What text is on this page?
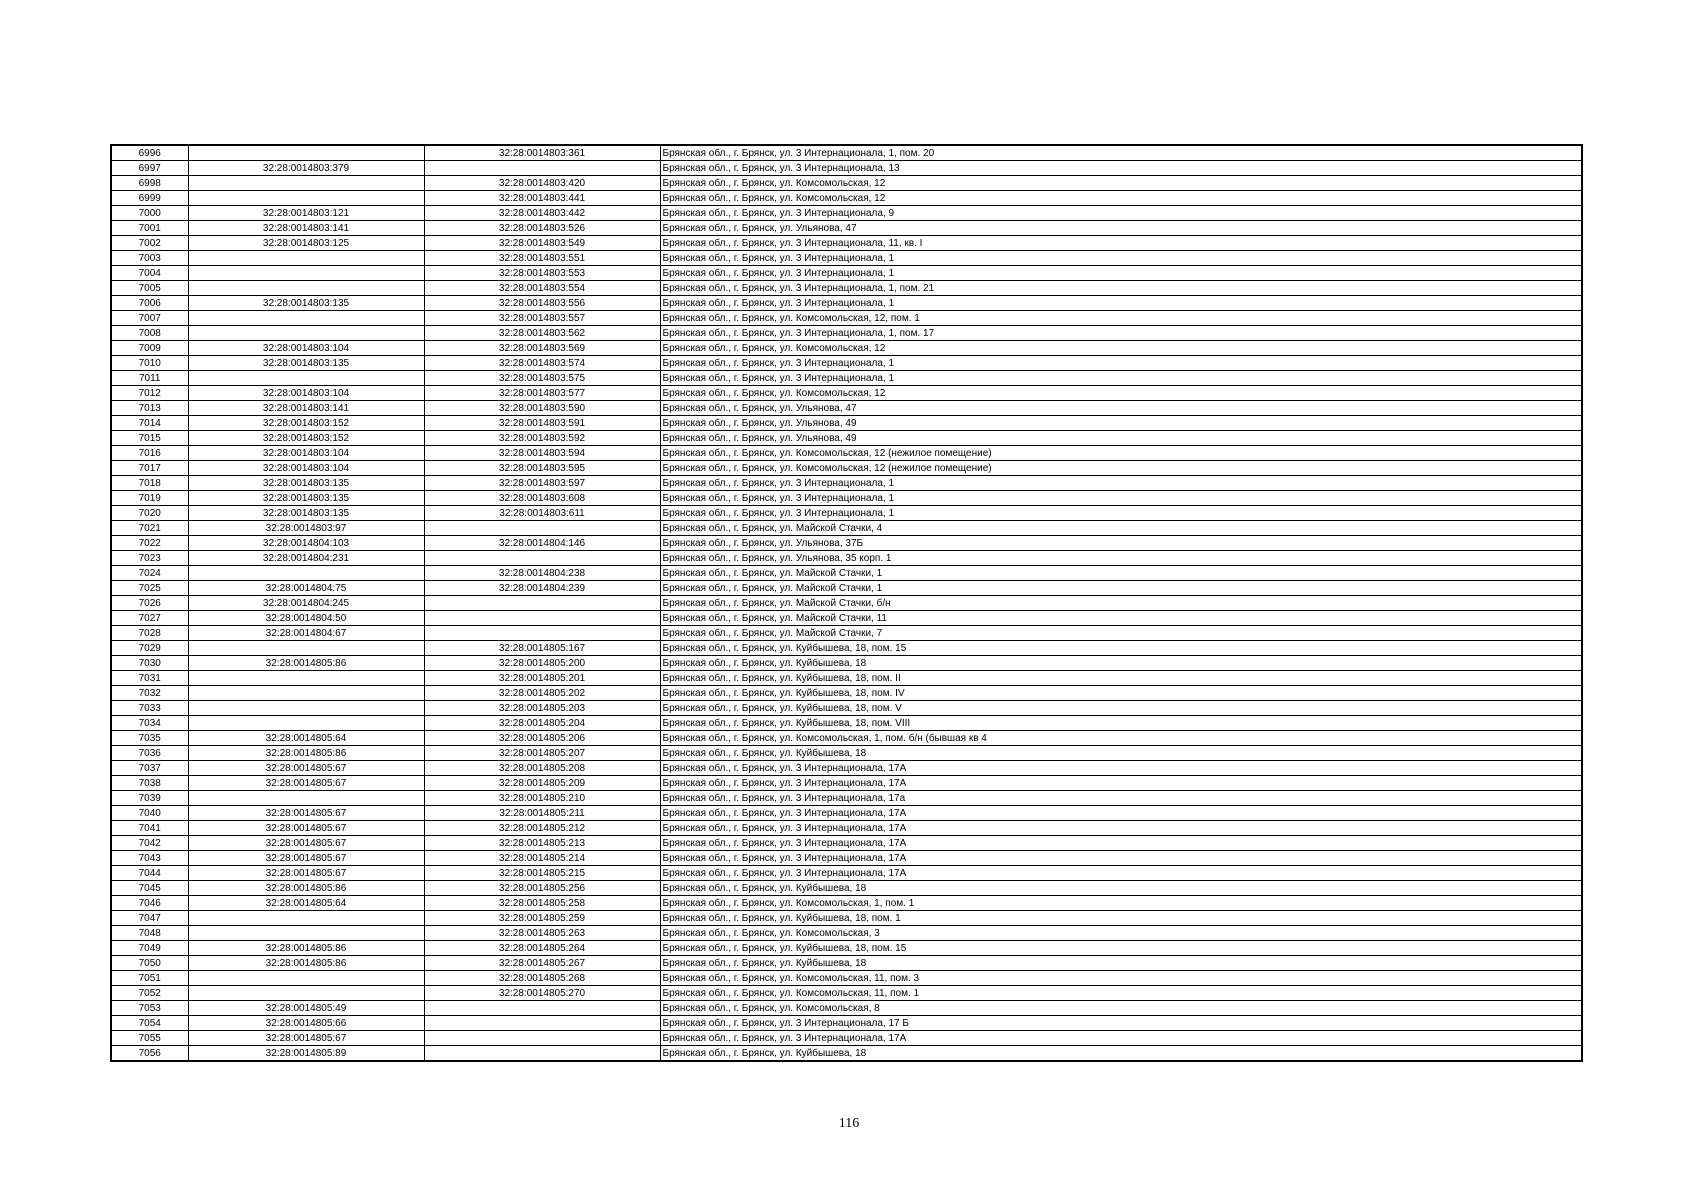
6996		32:28:0014803:361	Брянская обл., г. Брянск, ул. 3 Интернационала, 1, пом. 20
6997	32:28:0014803:379		Брянская обл., г. Брянск, ул. 3 Интернационала, 13
6998		32:28:0014803:420	Брянская обл., г. Брянск, ул. Комсомольская, 12
6999		32:28:0014803:441	Брянская обл., г. Брянск, ул. Комсомольская, 12
7000	32:28:0014803:121	32:28:0014803:442	Брянская обл., г. Брянск, ул. 3 Интернационала, 9
7001	32:28:0014803:141	32:28:0014803:526	Брянская обл., г. Брянск, ул. Ульянова, 47
7002	32:28:0014803:125	32:28:0014803:549	Брянская обл., г. Брянск, ул. 3 Интернационала, 11, кв. I
7003		32:28:0014803:551	Брянская обл., г. Брянск, ул. 3 Интернационала, 1
7004		32:28:0014803:553	Брянская обл., г. Брянск, ул. 3 Интернационала, 1
7005		32:28:0014803:554	Брянская обл., г. Брянск, ул. 3 Интернационала, 1, пом. 21
7006	32:28:0014803:135	32:28:0014803:556	Брянская обл., г. Брянск, ул. 3 Интернационала, 1
7007		32:28:0014803:557	Брянская обл., г. Брянск, ул. Комсомольская, 12, пом. 1
7008		32:28:0014803:562	Брянская обл., г. Брянск, ул. 3 Интернационала, 1, пом. 17
7009	32:28:0014803:104	32:28:0014803:569	Брянская обл., г. Брянск, ул. Комсомольская, 12
7010	32:28:0014803:135	32:28:0014803:574	Брянская обл., г. Брянск, ул. 3 Интернационала, 1
7011		32:28:0014803:575	Брянская обл., г. Брянск, ул. 3 Интернационала, 1
7012	32:28:0014803:104	32:28:0014803:577	Брянская обл., г. Брянск, ул. Комсомольская, 12
7013	32:28:0014803:141	32:28:0014803:590	Брянская обл., г. Брянск, ул. Ульянова, 47
7014	32:28:0014803:152	32:28:0014803:591	Брянская обл., г. Брянск, ул. Ульянова, 49
7015	32:28:0014803:152	32:28:0014803:592	Брянская обл., г. Брянск, ул. Ульянова, 49
7016	32:28:0014803:104	32:28:0014803:594	Брянская обл., г. Брянск, ул. Комсомольская, 12 (нежилое помещение)
7017	32:28:0014803:104	32:28:0014803:595	Брянская обл., г. Брянск, ул. Комсомольская, 12 (нежилое помещение)
7018	32:28:0014803:135	32:28:0014803:597	Брянская обл., г. Брянск, ул. 3 Интернационала, 1
7019	32:28:0014803:135	32:28:0014803:608	Брянская обл., г. Брянск, ул. 3 Интернационала, 1
7020	32:28:0014803:135	32:28:0014803:611	Брянская обл., г. Брянск, ул. 3 Интернационала, 1
7021	32:28:0014803:97		Брянская обл., г. Брянск, ул. Майской Стачки, 4
7022	32:28:0014804:103	32:28:0014804:146	Брянская обл., г. Брянск, ул. Ульянова, 37Б
7023	32:28:0014804:231		Брянская обл., г. Брянск, ул. Ульянова, 35 корп. 1
7024		32:28:0014804:238	Брянская обл., г. Брянск, ул. Майской Стачки, 1
7025	32:28:0014804:75	32:28:0014804:239	Брянская обл., г. Брянск, ул. Майской Стачки, 1
7026	32:28:0014804:245		Брянская обл., г. Брянск, ул. Майской Стачки, б/н
7027	32:28:0014804:50		Брянская обл., г. Брянск, ул. Майской Стачки, 11
7028	32:28:0014804:67		Брянская обл., г. Брянск, ул. Майской Стачки, 7
7029		32:28:0014805:167	Брянская обл., г. Брянск, ул. Куйбышева, 18, пом. 15
7030	32:28:0014805:86	32:28:0014805:200	Брянская обл., г. Брянск, ул. Куйбышева, 18
7031		32:28:0014805:201	Брянская обл., г. Брянск, ул. Куйбышева, 18, пом. II
7032		32:28:0014805:202	Брянская обл., г. Брянск, ул. Куйбышева, 18, пом. IV
7033		32:28:0014805:203	Брянская обл., г. Брянск, ул. Куйбышева, 18, пом. V
7034		32:28:0014805:204	Брянская обл., г. Брянск, ул. Куйбышева, 18, пом. VIII
7035	32:28:0014805:64	32:28:0014805:206	Брянская обл., г. Брянск, ул. Комсомольская, 1, пом. б/н (бывшая кв 4
7036	32:28:0014805:86	32:28:0014805:207	Брянская обл., г. Брянск, ул. Куйбышева, 18
7037	32:28:0014805:67	32:28:0014805:208	Брянская обл., г. Брянск, ул. 3 Интернационала, 17А
7038	32:28:0014805:67	32:28:0014805:209	Брянская обл., г. Брянск, ул. 3 Интернационала, 17А
7039		32:28:0014805:210	Брянская обл., г. Брянск, ул. 3 Интернационала, 17а
7040	32:28:0014805:67	32:28:0014805:211	Брянская обл., г. Брянск, ул. 3 Интернационала, 17А
7041	32:28:0014805:67	32:28:0014805:212	Брянская обл., г. Брянск, ул. 3 Интернационала, 17А
7042	32:28:0014805:67	32:28:0014805:213	Брянская обл., г. Брянск, ул. 3 Интернационала, 17А
7043	32:28:0014805:67	32:28:0014805:214	Брянская обл., г. Брянск, ул. 3 Интернационала, 17А
7044	32:28:0014805:67	32:28:0014805:215	Брянская обл., г. Брянск, ул. 3 Интернационала, 17А
7045	32:28:0014805:86	32:28:0014805:256	Брянская обл., г. Брянск, ул. Куйбышева, 18
7046	32:28:0014805:64	32:28:0014805:258	Брянская обл., г. Брянск, ул. Комсомольская, 1, пом. 1
7047		32:28:0014805:259	Брянская обл., г. Брянск, ул. Куйбышева, 18, пом. 1
7048		32:28:0014805:263	Брянская обл., г. Брянск, ул. Комсомольская, 3
7049	32:28:0014805:86	32:28:0014805:264	Брянская обл., г. Брянск, ул. Куйбышева, 18, пом. 15
7050	32:28:0014805:86	32:28:0014805:267	Брянская обл., г. Брянск, ул. Куйбышева, 18
7051		32:28:0014805:268	Брянская обл., г. Брянск, ул. Комсомольская, 11, пом. 3
7052		32:28:0014805:270	Брянская обл., г. Брянск, ул. Комсомольская, 11, пом. 1
7053	32:28:0014805:49		Брянская обл., г. Брянск, ул. Комсомольская, 8
7054	32:28:0014805:66		Брянская обл., г. Брянск, ул. 3 Интернационала, 17 Б
7055	32:28:0014805:67		Брянская обл., г. Брянск, ул. 3 Интернационала, 17А
7056	32:28:0014805:89		Брянская обл., г. Брянск, ул. Куйбышева, 18
116
